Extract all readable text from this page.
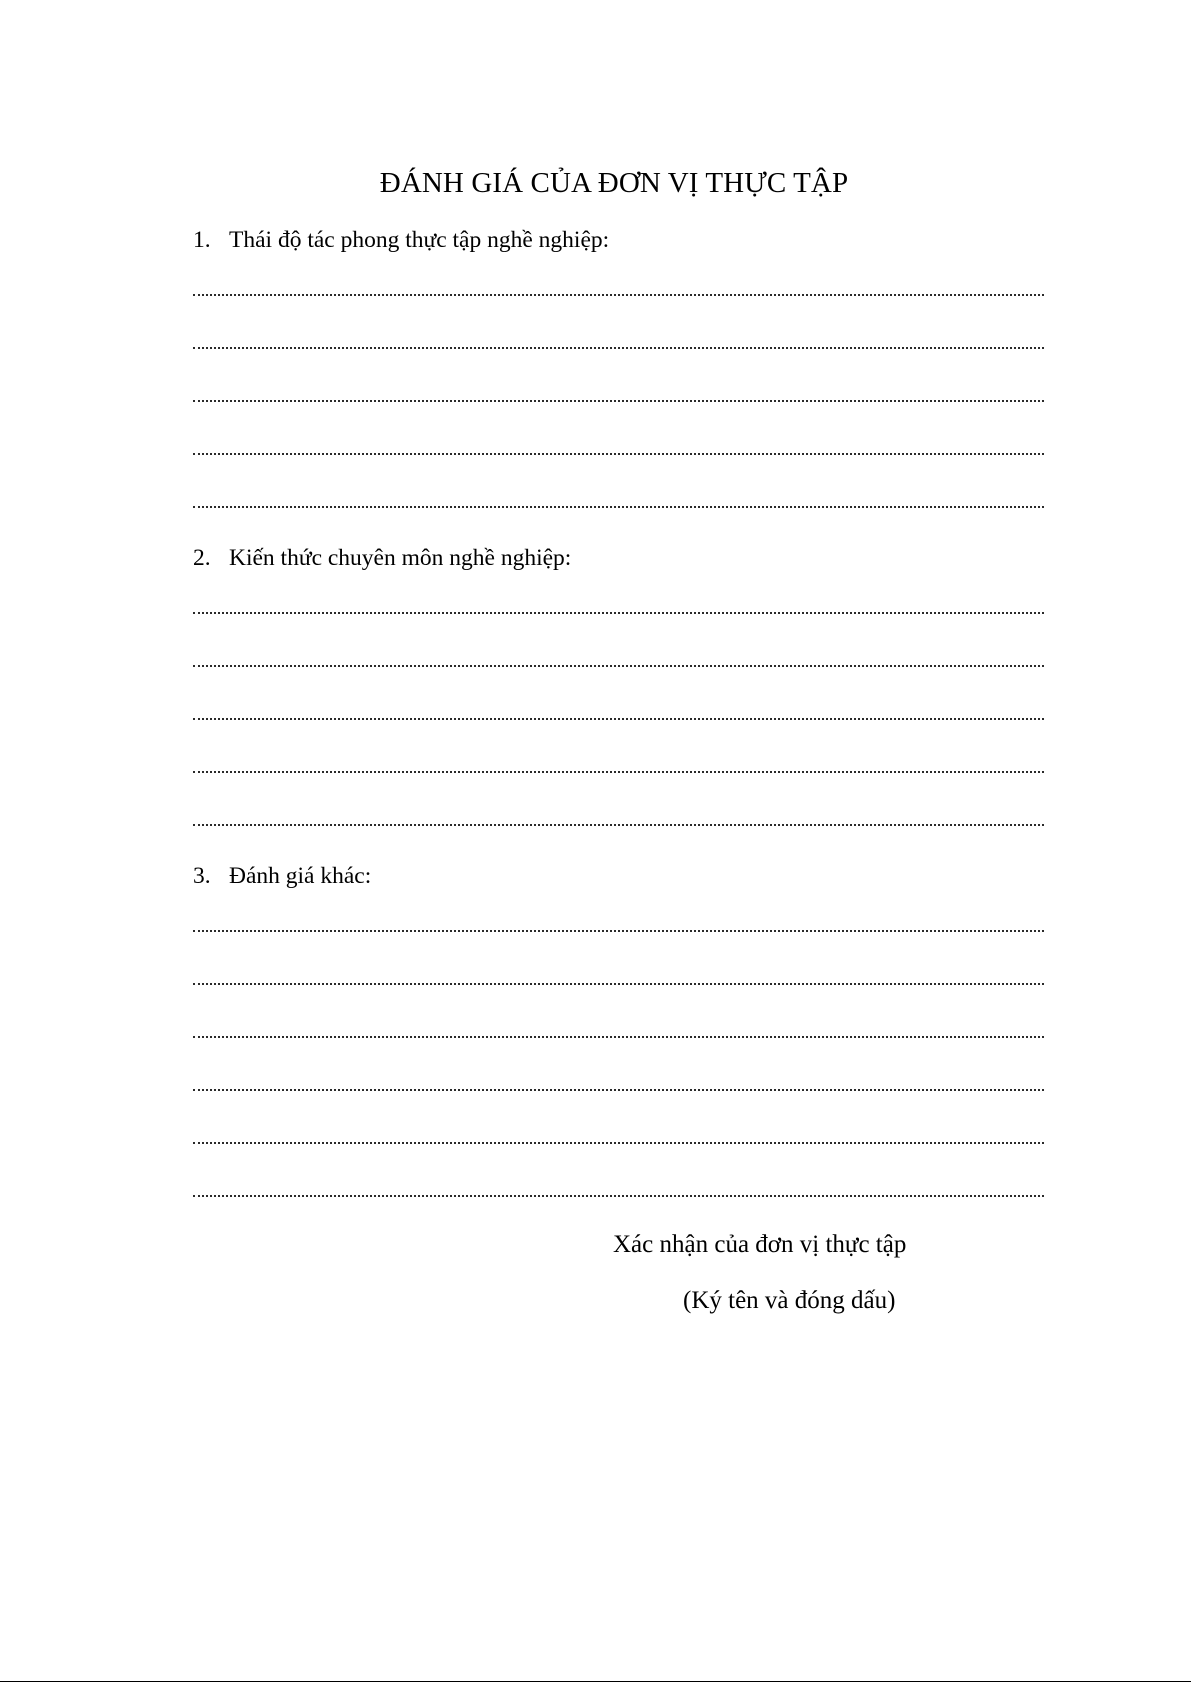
ĐÁNH GIÁ CỦA ĐƠN VỊ THỰC TẬP
1. Thái độ tác phong thực tập nghề nghiệp:
2. Kiến thức chuyên môn nghề nghiệp:
3. Đánh giá khác:
Xác nhận của đơn vị thực tập
(Ký tên và đóng dấu)
